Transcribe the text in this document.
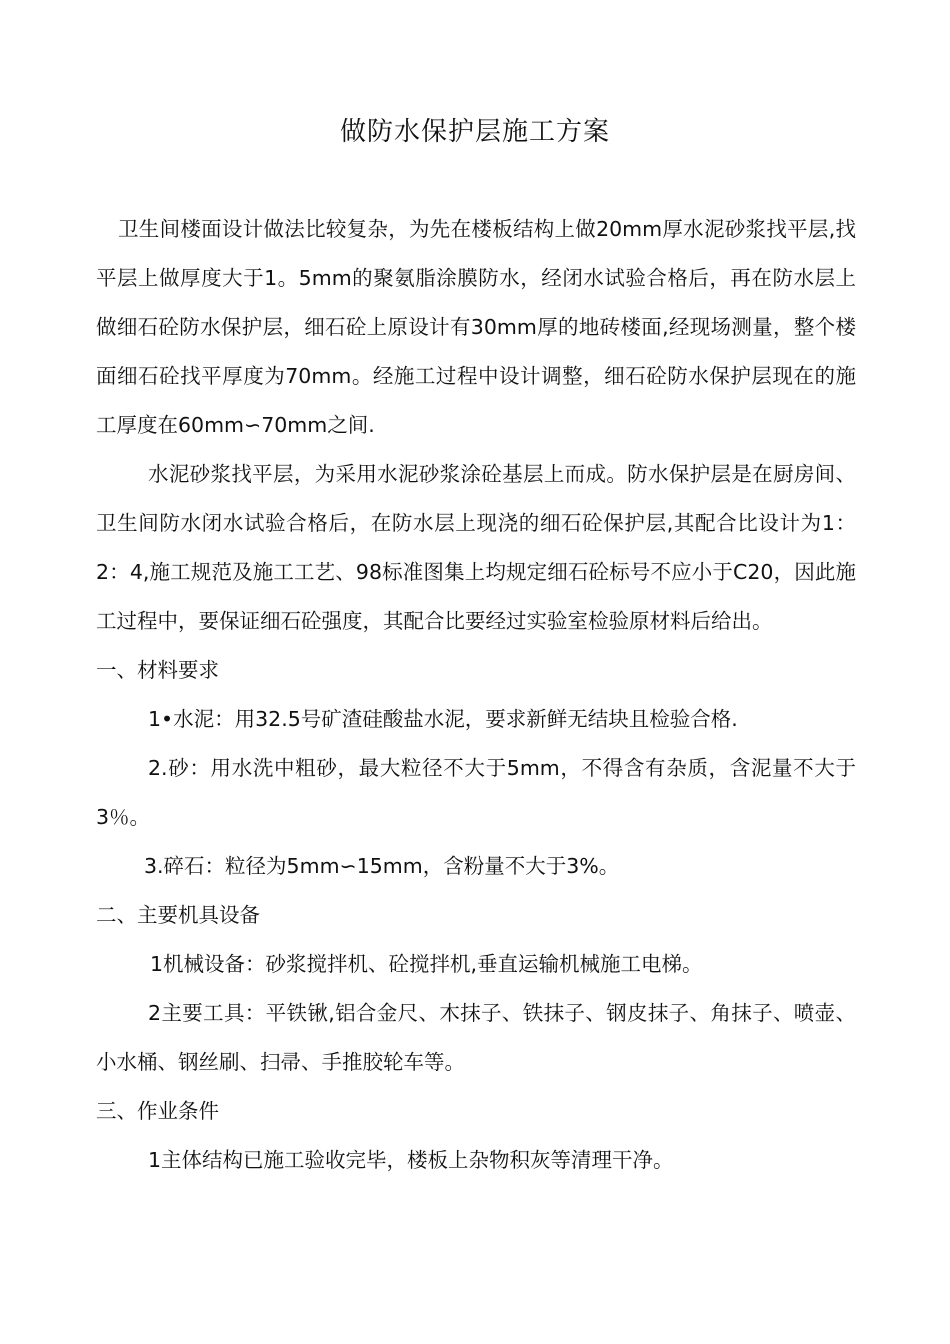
做防水保护层施工方案

卫生间楼面设计做法比较复杂，为先在楼板结构上做20mm厚水泥砂浆找平层,找平层上做厚度大于1。5mm的聚氨脂涂膜防水，经闭水试验合格后，再在防水层上做细石砼防水保护层，细石砼上原设计有30mm厚的地砖楼面,经现场测量，整个楼面细石砼找平厚度为70mm。经施工过程中设计调整，细石砼防水保护层现在的施工厚度在60mm∽70mm之间.

水泥砂浆找平层，为采用水泥砂浆涂砼基层上而成。防水保护层是在厨房间、卫生间防水闭水试验合格后，在防水层上现浇的细石砼保护层,其配合比设计为1：2：4,施工规范及施工工艺、98标准图集上均规定细石砼标号不应小于C20，因此施工过程中，要保证细石砼强度，其配合比要经过实验室检验原材料后给出。

一、材料要求
1•水泥：用32.5号矿渣硅酸盐水泥，要求新鲜无结块且检验合格.
2.砂：用水洗中粗砂，最大粒径不大于5mm，不得含有杂质，含泥量不大于3％。
3.碎石：粒径为5mm∽15mm，含粉量不大于3%。
二、主要机具设备
1机械设备：砂浆搅拌机、砼搅拌机,垂直运输机械施工电梯。
2主要工具：平铁锹,铝合金尺、木抹子、铁抹子、钢皮抹子、角抹子、喷壶、小水桶、钢丝刷、扫帚、手推胶轮车等。
三、作业条件
1主体结构已施工验收完毕，楼板上杂物积灰等清理干净。
